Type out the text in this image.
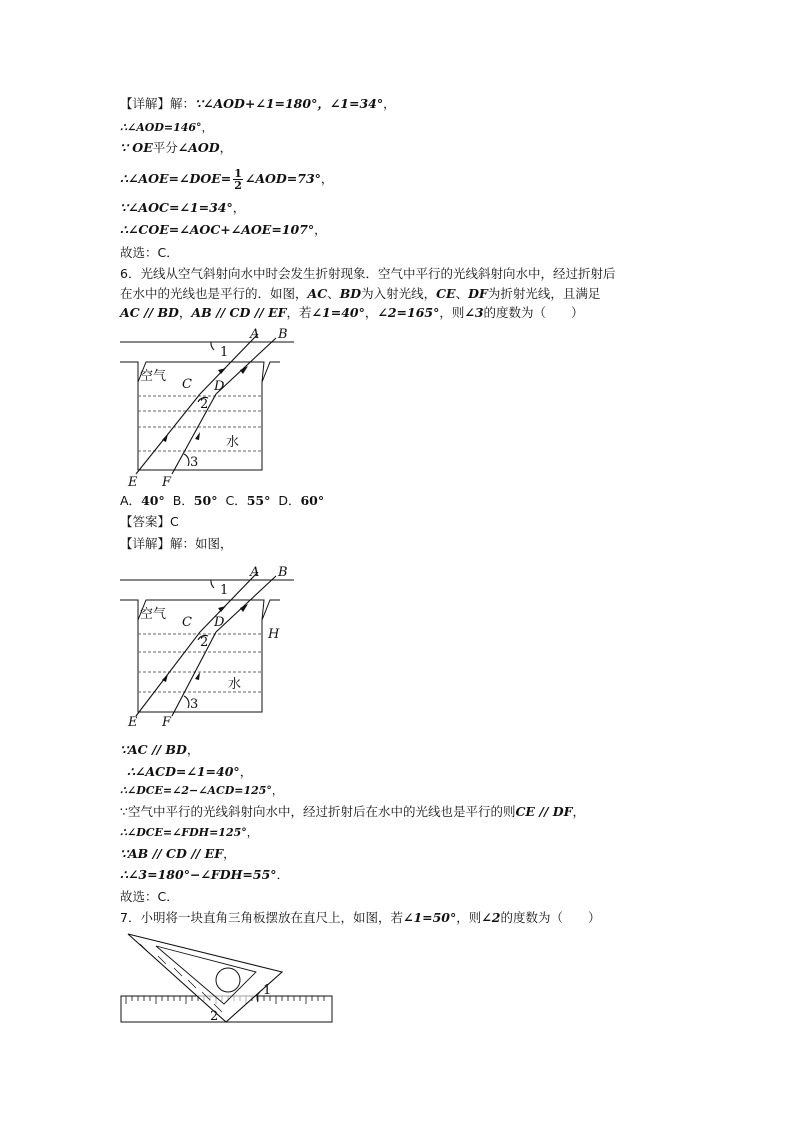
【详解】解：∵∠AOD+∠1=180°，∠1=34°，
∴∠AOD=146°，
∵ OE平分∠AOD，
∴∠AOE=∠DOE= $\frac{1}{2}$ ∠AOD=73°，
∵∠AOC=∠1=34°，
∴∠COE=∠AOC+∠AOE=107°，
故选：C．
6．光线从空气斜射向水中时会发生折射现象．空气中平行的光线斜射向水中，经过折射后
在水中的光线也是平行的．如图，AC、BD为入射光线，CE、DF为折射光线，且满足
AC // BD，AB // CD // EF，若∠1=40°，∠2=165°，则∠3的度数为（　　）
A B
1
空气
C D
2
水
3
E F
A．40° B．50° C．55° D．60°
【答案】C
【详解】解：如图，
A B
1
空气
C D
H
2
水
3
E F
∵AC // BD，
∴∠ACD=∠1=40°，
∴∠DCE=∠2−∠ACD=125°，
∵空气中平行的光线斜射向水中，经过折射后在水中的光线也是平行的则CE // DF，
∴∠DCE=∠FDH=125°，
∵AB // CD // EF，
∴∠3=180°−∠FDH=55°．
故选：C．
7．小明将一块直角三角板摆放在直尺上，如图，若∠1=50°，则∠2的度数为（　　）
1
2
